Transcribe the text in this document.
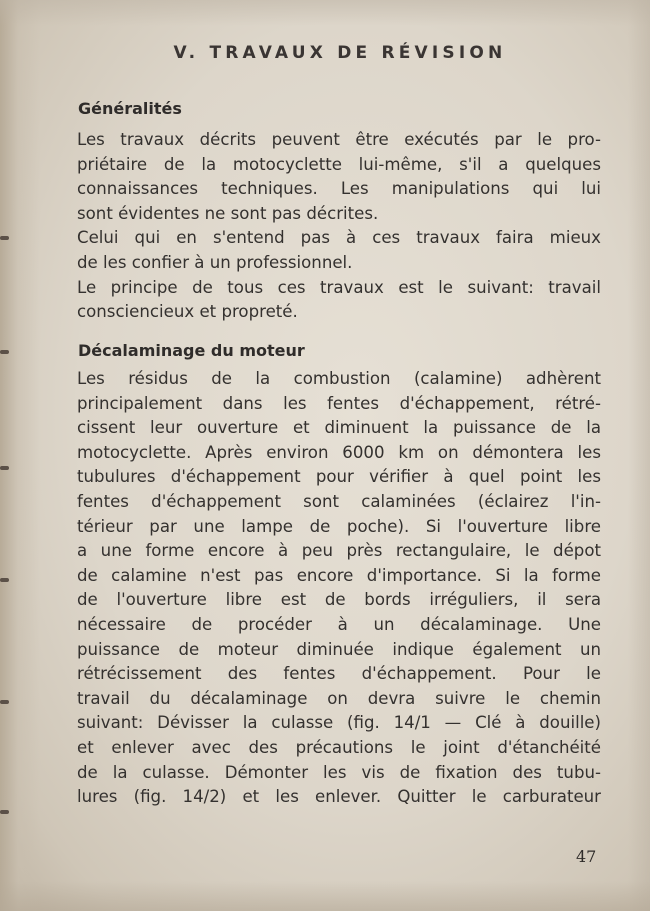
V. TRAVAUX DE RÉVISION
Généralités
Les travaux décrits peuvent être exécutés par le pro-
priétaire de la motocyclette lui-même, s'il a quelques
connaissances techniques. Les manipulations qui lui
sont évidentes ne sont pas décrites.
Celui qui en s'entend pas à ces travaux faira mieux
de les confier à un professionnel.
Le principe de tous ces travaux est le suivant: travail
consciencieux et propreté.
Décalaminage du moteur
Les résidus de la combustion (calamine) adhèrent
principalement dans les fentes d'échappement, rétré-
cissent leur ouverture et diminuent la puissance de la
motocyclette. Après environ 6000 km on démontera les
tubulures d'échappement pour vérifier à quel point les
fentes d'échappement sont calaminées (éclairez l'in-
térieur par une lampe de poche). Si l'ouverture libre
a une forme encore à peu près rectangulaire, le dépot
de calamine n'est pas encore d'importance. Si la forme
de l'ouverture libre est de bords irréguliers, il sera
nécessaire de procéder à un décalaminage. Une
puissance de moteur diminuée indique également un
rétrécissement des fentes d'échappement. Pour le
travail du décalaminage on devra suivre le chemin
suivant: Dévisser la culasse (fig. 14/1 — Clé à douille)
et enlever avec des précautions le joint d'étanchéité
de la culasse. Démonter les vis de fixation des tubu-
lures (fig. 14/2) et les enlever. Quitter le carburateur
47
